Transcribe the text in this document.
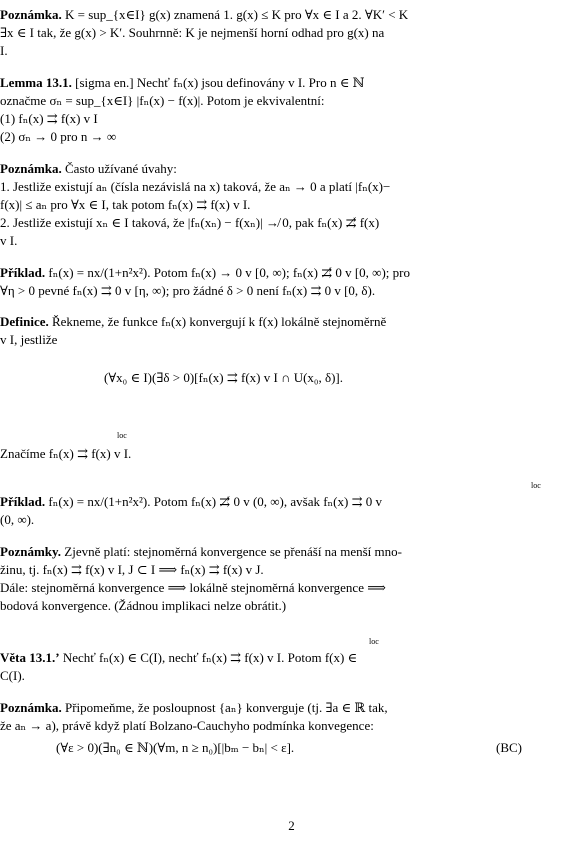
Poznámka. K = sup_{x∈I} g(x) znamená 1. g(x) ≤ K pro ∀x ∈ I a 2. ∀K′ < K
∃x ∈ I tak, že g(x) > K′. Souhrnně: K je nejmenší horní odhad pro g(x) na
I.
Lemma 13.1. [sigma en.] Nechť fₙ(x) jsou definovány v I. Pro n ∈ ℕ
označme σₙ = sup_{x∈I} |fₙ(x) − f(x)|. Potom je ekvivalentní:
(1) fₙ(x) ⇉ f(x) v I
(2) σₙ → 0 pro n → ∞
Poznámka. Často užívané úvahy:
1. Jestliže existují aₙ (čísla nezávislá na x) taková, že aₙ → 0 a platí |fₙ(x)−
f(x)| ≤ aₙ pro ∀x ∈ I, tak potom fₙ(x) ⇉ f(x) v I.
2. Jestliže existují xₙ ∈ I taková, že |fₙ(xₙ) − f(xₙ)| ↛ 0, pak fₙ(x) ⇉̸ f(x)
v I.
Příklad. fₙ(x) = nx/(1+n²x²). Potom fₙ(x) → 0 v [0, ∞); fₙ(x) ⇉̸ 0 v [0, ∞); pro
∀η > 0 pevné fₙ(x) ⇉ 0 v [η, ∞); pro žádné δ > 0 není fₙ(x) ⇉ 0 v [0, δ).
Definice. Řekneme, že funkce fₙ(x) konvergují k f(x) lokálně stejnoměrně
v I, jestliže
(∀x₀ ∈ I)(∃δ > 0)[fₙ(x) ⇉ f(x) v I ∩ U(x₀, δ)].
loc
Značíme fₙ(x) ⇉ f(x) v I.
loc
Příklad. fₙ(x) = nx/(1+n²x²). Potom fₙ(x) ⇉̸ 0 v (0, ∞), avšak fₙ(x) ⇉ 0 v
(0, ∞).
Poznámky. Zjevně platí: stejnoměrná konvergence se přenáší na menší mno-
žinu, tj. fₙ(x) ⇉ f(x) v I, J ⊂ I ⟹ fₙ(x) ⇉ f(x) v J.
Dále: stejnoměrná konvergence ⟹ lokálně stejnoměrná konvergence ⟹
bodová konvergence. (Žádnou implikaci nelze obrátit.)
loc
Věta 13.1.’ Nechť fₙ(x) ∈ C(I), nechť fₙ(x) ⇉ f(x) v I. Potom f(x) ∈
C(I).
Poznámka. Připomeňme, že posloupnost {aₙ} konverguje (tj. ∃a ∈ ℝ tak,
že aₙ → a), právě když platí Bolzano-Cauchyho podmínka konvegence:
(∀ε > 0)(∃n₀ ∈ ℕ)(∀m, n ≥ n₀)[|bₘ − bₙ| < ε].	(BC)
2
